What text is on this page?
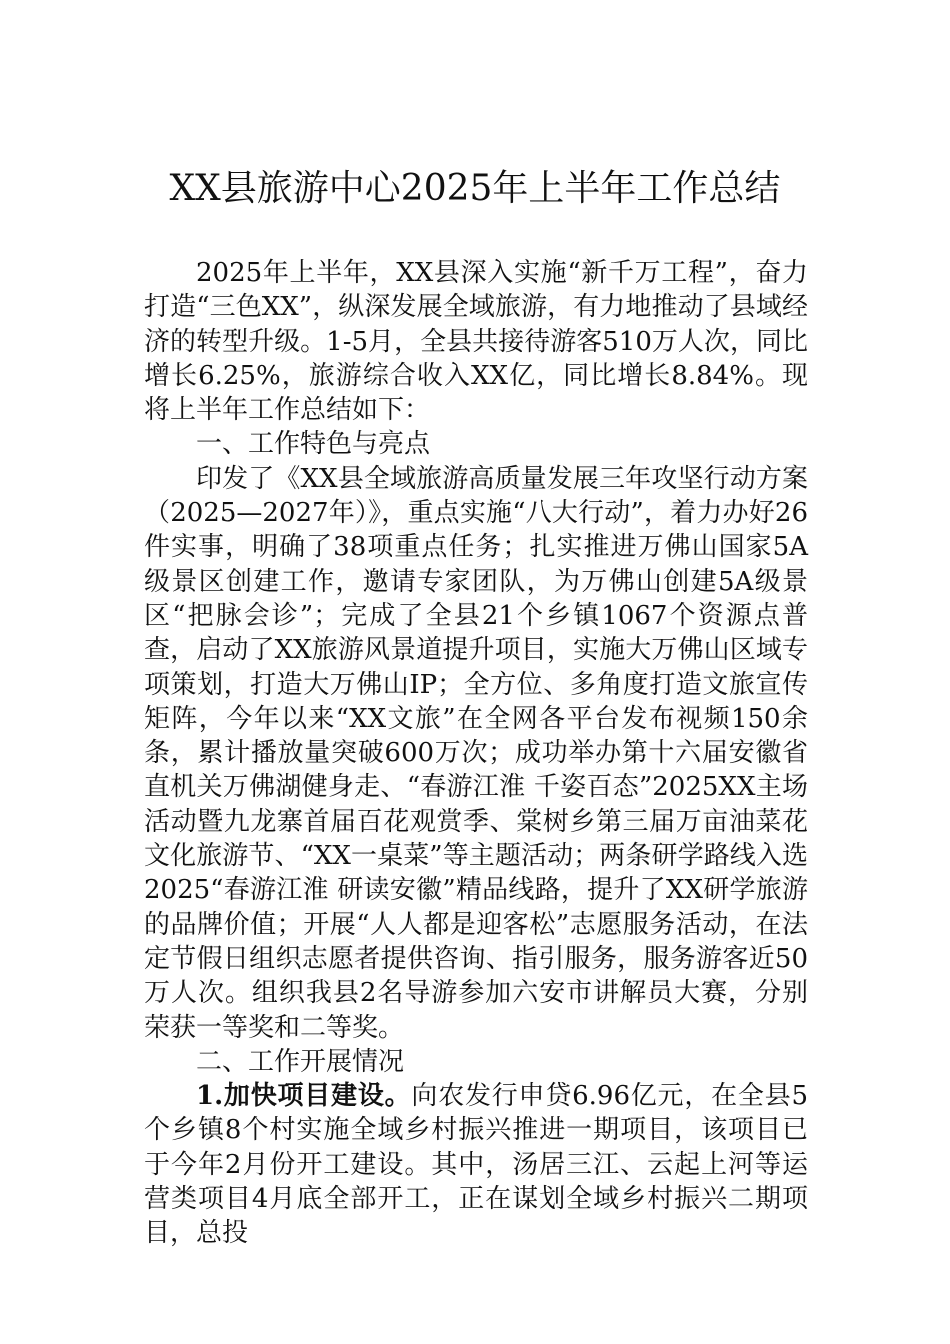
XX县旅游中心2025年上半年工作总结

2025年上半年，XX县深入实施“新千万工程”，奋力打造“三色XX”，纵深发展全域旅游，有力地推动了县域经济的转型升级。1-5月，全县共接待游客510万人次，同比增长6.25%，旅游综合收入XX亿，同比增长8.84%。现将上半年工作总结如下：

一、工作特色与亮点

印发了《XX县全域旅游高质量发展三年攻坚行动方案（2025—2027年）》，重点实施“八大行动”，着力办好26件实事，明确了38项重点任务；扎实推进万佛山国家5A级景区创建工作，邀请专家团队，为万佛山创建5A级景区“把脉会诊”；完成了全县21个乡镇1067个资源点普查，启动了XX旅游风景道提升项目，实施大万佛山区域专项策划，打造大万佛山IP；全方位、多角度打造文旅宣传矩阵，今年以来“XX文旅”在全网各平台发布视频150余条，累计播放量突破600万次；成功举办第十六届安徽省直机关万佛湖健身走、“春游江淮 千姿百态”2025XX主场活动暨九龙寨首届百花观赏季、棠树乡第三届万亩油菜花文化旅游节、“XX一桌菜”等主题活动；两条研学路线入选2025“春游江淮 研读安徽”精品线路，提升了XX研学旅游的品牌价值；开展“人人都是迎客松”志愿服务活动，在法定节假日组织志愿者提供咨询、指引服务，服务游客近50万人次。组织我县2名导游参加六安市讲解员大赛，分别荣获一等奖和二等奖。

二、工作开展情况

1.加快项目建设。向农发行申贷6.96亿元，在全县5个乡镇8个村实施全域乡村振兴推进一期项目，该项目已于今年2月份开工建设。其中，汤居三江、云起上河等运营类项目4月底全部开工，正在谋划全域乡村振兴二期项目，总投
